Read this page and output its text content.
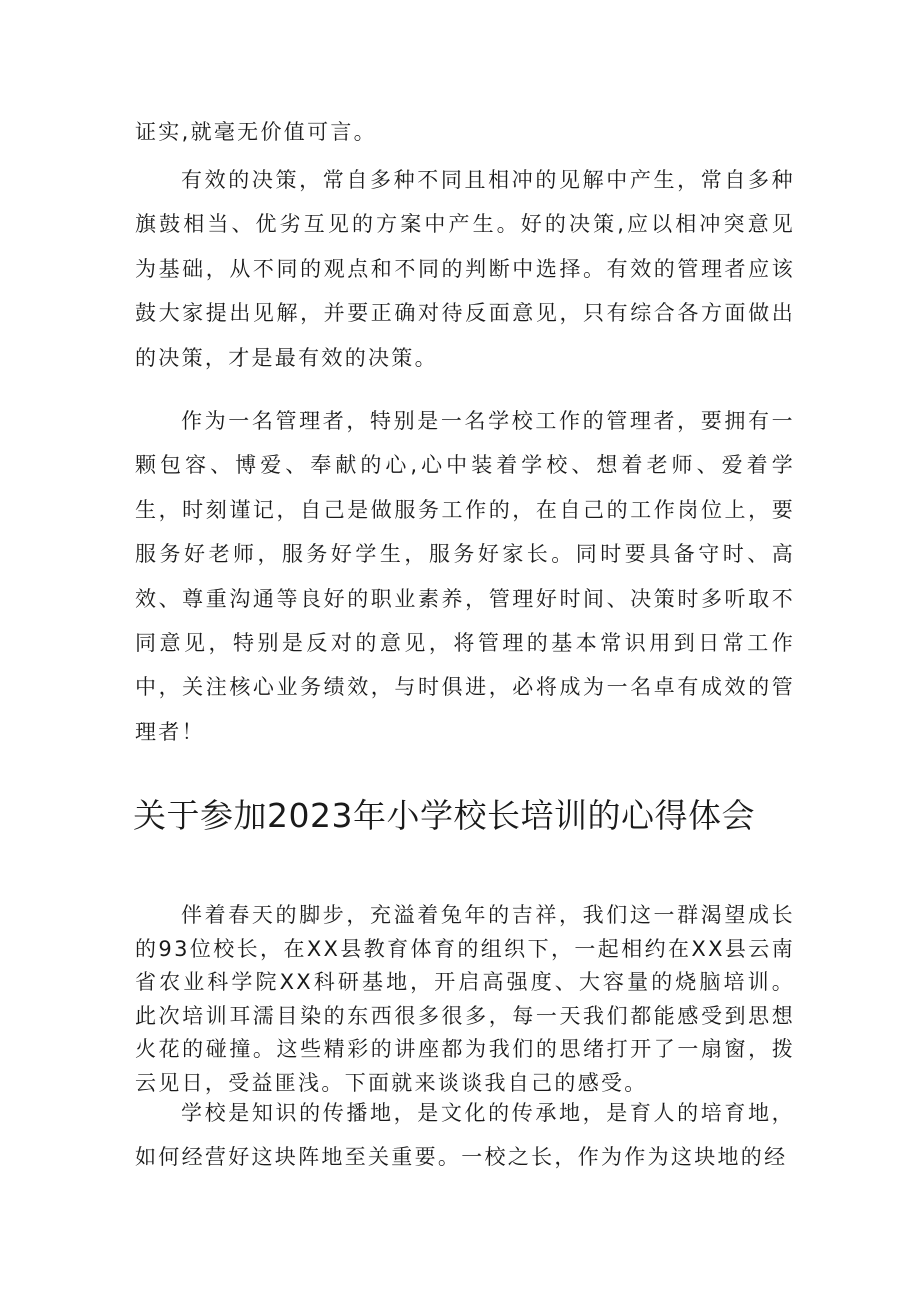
证实,就毫无价值可言。

有效的决策，常自多种不同且相冲的见解中产生，常自多种旗鼓相当、优劣互见的方案中产生。好的决策,应以相冲突意见为基础，从不同的观点和不同的判断中选择。有效的管理者应该鼓大家提出见解，并要正确对待反面意见，只有综合各方面做出的决策，才是最有效的决策。

作为一名管理者，特别是一名学校工作的管理者，要拥有一颗包容、博爱、奉献的心,心中装着学校、想着老师、爱着学生，时刻谨记，自己是做服务工作的，在自己的工作岗位上，要服务好老师，服务好学生，服务好家长。同时要具备守时、高效、尊重沟通等良好的职业素养，管理好时间、决策时多听取不同意见，特别是反对的意见，将管理的基本常识用到日常工作中，关注核心业务绩效，与时俱进，必将成为一名卓有成效的管理者！

关于参加2023年小学校长培训的心得体会

伴着春天的脚步，充溢着兔年的吉祥，我们这一群渴望成长的93位校长，在XX县教育体育的组织下，一起相约在XX县云南省农业科学院XX科研基地，开启高强度、大容量的烧脑培训。此次培训耳濡目染的东西很多很多，每一天我们都能感受到思想火花的碰撞。这些精彩的讲座都为我们的思绪打开了一扇窗，拨云见日，受益匪浅。下面就来谈谈我自己的感受。

学校是知识的传播地，是文化的传承地，是育人的培育地，如何经营好这块阵地至关重要。一校之长，作为作为这块地的经
